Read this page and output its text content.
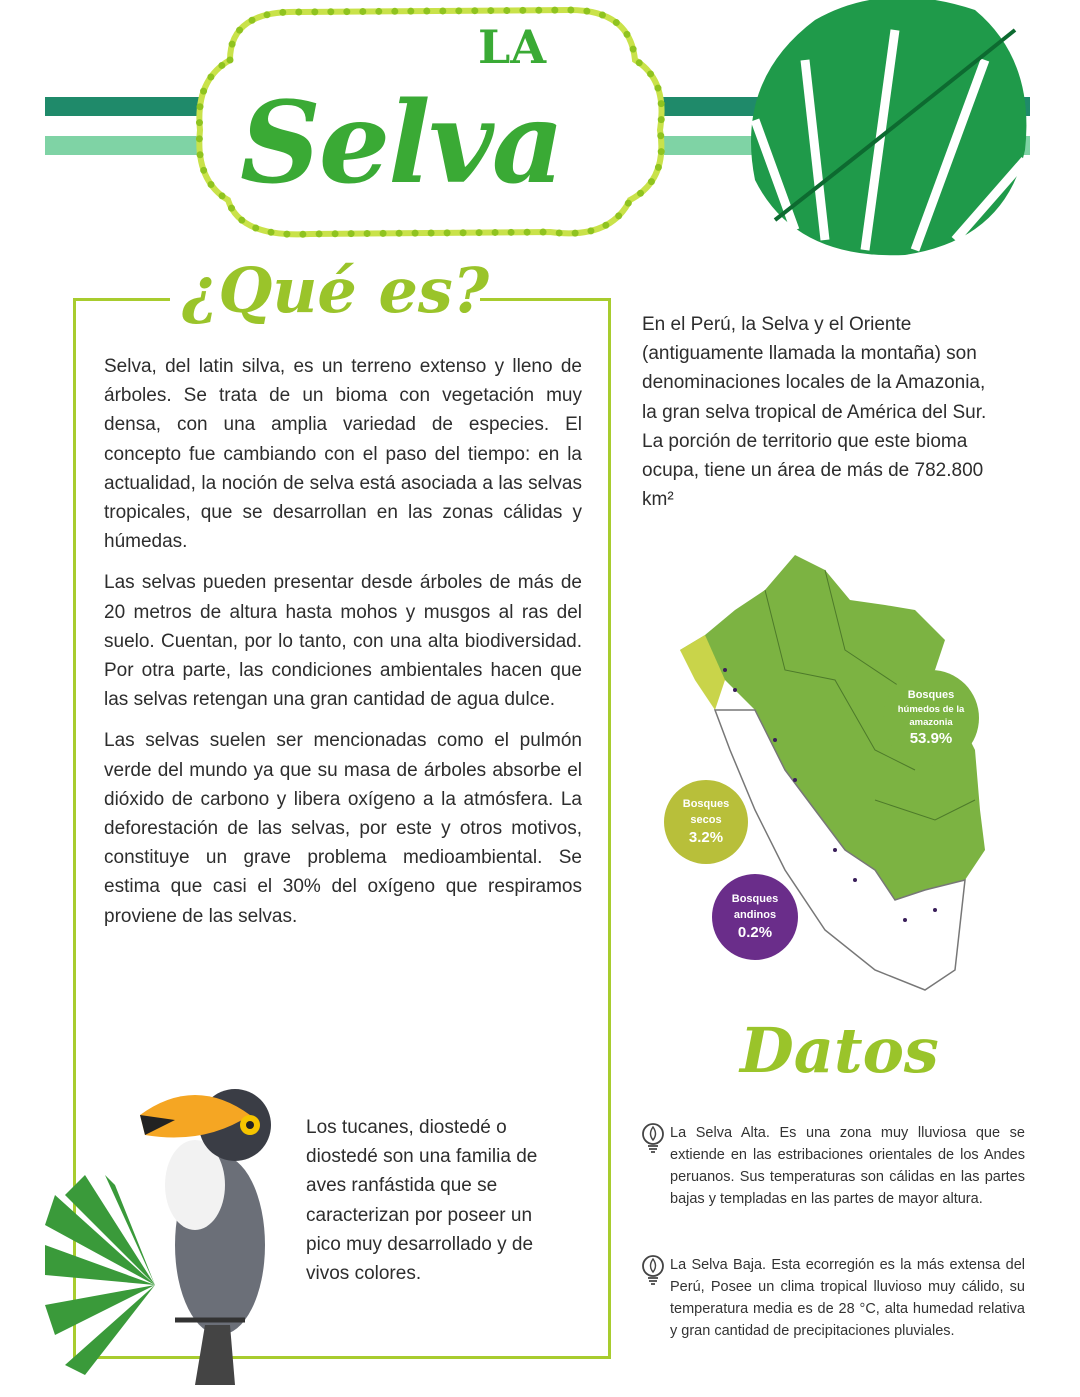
LA
Selva
¿Qué es?

Selva, del latin silva, es un terreno extenso y lleno de árboles. Se trata de un bioma con vegetación muy densa, con una amplia variedad de especies. El concepto fue cambiando con el paso del tiempo: en la actualidad, la noción de selva está asociada a las selvas tropicales, que se desarrollan en las zonas cálidas y húmedas.

Las selvas pueden presentar desde árboles de más de 20 metros de altura hasta mohos y musgos al ras del suelo. Cuentan, por lo tanto, con una alta biodiversidad. Por otra parte, las condiciones ambientales hacen que las selvas retengan una gran cantidad de agua dulce.

Las selvas suelen ser mencionadas como el pulmón verde del mundo ya que su masa de árboles absorbe el dióxido de carbono y libera oxígeno a la atmósfera. La deforestación de las selvas, por este y otros motivos, constituye un grave problema medioambiental. Se estima que casi el 30% del oxígeno que respiramos proviene de las selvas.

Los tucanes, diostedé o diostedé son una familia de aves ranfástida que se caracterizan por poseer un pico muy desarrollado y de vivos colores.
En el Perú, la Selva y el Oriente (antiguamente llamada la montaña) son denominaciones locales de la Amazonia, la gran selva tropical de América del Sur. La porción de territorio que este bioma ocupa, tiene un área de más de 782.800 km²
Bosques
húmedos de la amazonia
53.9%
Bosques
secos
3.2%
Bosques
andinos
0.2%
Datos
La Selva Alta. Es una zona muy lluviosa que se extiende en las estribaciones orientales de los Andes peruanos. Sus temperaturas son cálidas en las partes bajas y templadas en las partes de mayor altura.
La Selva Baja. Esta ecorregión es la más extensa del Perú, Posee un clima tropical lluvioso muy cálido, su temperatura media es de 28 °C, alta humedad relativa y gran cantidad de precipitaciones pluviales.
